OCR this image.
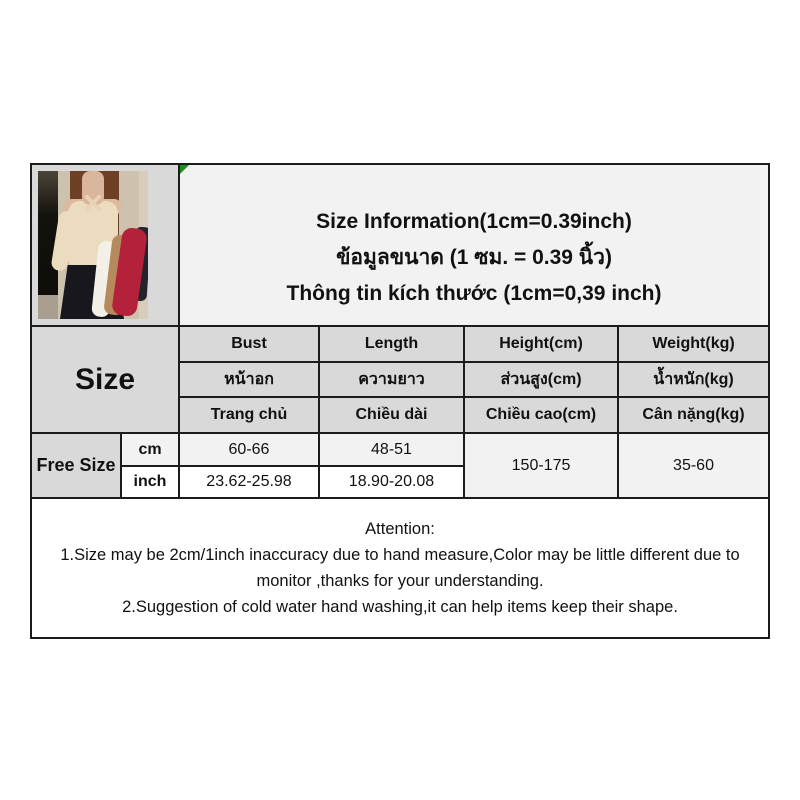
		Size Information(1cm=0.39inch)
ข้อมูลขนาด (1 ซม. = 0.39 นิ้ว)
Thông tin kích thước (1cm=0,39 inch)			

Size		Bust	Length	Height(cm)	Weight(kg)
		หน้าอก	ความยาว	ส่วนสูง(cm)	น้ำหนัก(kg)
		Trang chủ	Chiều dài	Chiều cao(cm)	Cân nặng(kg)
Free Size	cm	60-66	48-51	150-175	35-60
	inch	23.62-25.98	18.90-20.08		

Attention:
1.Size may be 2cm/1inch inaccuracy due to hand measure,Color may be little different due to monitor ,thanks for your understanding.
2.Suggestion of cold water hand washing,it can help items keep their shape.					
